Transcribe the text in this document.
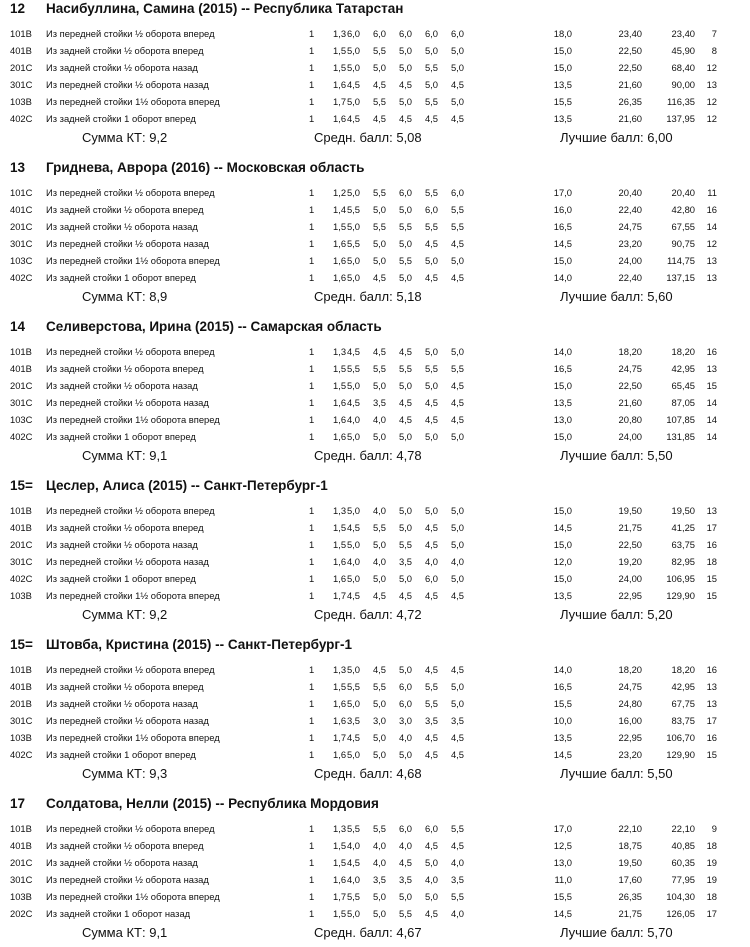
12 Насибуллина, Самина (2015) -- Республика Татарстан
101B Из передней стойки ½ оборота вперед	1 1,3 6,0	6,0	6,0	6,0	6,0	18,0	23,40	23,40	7
401B Из задней стойки ½ оборота вперед	1 1,5 5,0	5,5	5,0	5,0	5,0	15,0	22,50	45,90	8
201C Из задней стойки ½ оборота назад	1 1,5 5,0	5,0	5,0	5,5	5,0	15,0	22,50	68,40	12
301C Из передней стойки ½ оборота назад	1 1,6 4,5	4,5	4,5	5,0	4,5	13,5	21,60	90,00	13
103B Из передней стойки 1½ оборота вперед	1 1,7 5,0	5,5	5,0	5,5	5,0	15,5	26,35	116,35	12
402C Из задней стойки 1 оборот вперед	1 1,6 4,5	4,5	4,5	4,5	4,5	13,5	21,60	137,95	12
Сумма КТ: 9,2	Средн. балл: 5,08	Лучшие балл: 6,00
13 Гриднева, Аврора (2016) -- Московская область
101C Из передней стойки ½ оборота вперед	1 1,2 5,0	5,5	6,0	5,5	6,0	17,0	20,40	20,40	11
401C Из задней стойки ½ оборота вперед	1 1,4 5,5	5,0	5,0	6,0	5,5	16,0	22,40	42,80	16
201C Из задней стойки ½ оборота назад	1 1,5 5,0	5,5	5,5	5,5	5,5	16,5	24,75	67,55	14
301C Из передней стойки ½ оборота назад	1 1,6 5,5	5,0	5,0	4,5	4,5	14,5	23,20	90,75	12
103C Из передней стойки 1½ оборота вперед	1 1,6 5,0	5,0	5,5	5,0	5,0	15,0	24,00	114,75	13
402C Из задней стойки 1 оборот вперед	1 1,6 5,0	4,5	5,0	4,5	4,5	14,0	22,40	137,15	13
Сумма КТ: 8,9	Средн. балл: 5,18	Лучшие балл: 5,60
14 Селиверстова, Ирина (2015) -- Самарская область
101B Из передней стойки ½ оборота вперед	1 1,3 4,5	4,5	4,5	5,0	5,0	14,0	18,20	18,20	16
401B Из задней стойки ½ оборота вперед	1 1,5 5,5	5,5	5,5	5,5	5,5	16,5	24,75	42,95	13
201C Из задней стойки ½ оборота назад	1 1,5 5,0	5,0	5,0	5,0	4,5	15,0	22,50	65,45	15
301C Из передней стойки ½ оборота назад	1 1,6 4,5	3,5	4,5	4,5	4,5	13,5	21,60	87,05	14
103C Из передней стойки 1½ оборота вперед	1 1,6 4,0	4,0	4,5	4,5	4,5	13,0	20,80	107,85	14
402C Из задней стойки 1 оборот вперед	1 1,6 5,0	5,0	5,0	5,0	5,0	15,0	24,00	131,85	14
Сумма КТ: 9,1	Средн. балл: 4,78	Лучшие балл: 5,50
15= Цеслер, Алиса (2015) -- Санкт-Петербург-1
101B Из передней стойки ½ оборота вперед	1 1,3 5,0	4,0	5,0	5,0	5,0	15,0	19,50	19,50	13
401B Из задней стойки ½ оборота вперед	1 1,5 4,5	5,5	5,0	4,5	5,0	14,5	21,75	41,25	17
201C Из задней стойки ½ оборота назад	1 1,5 5,0	5,0	5,5	4,5	5,0	15,0	22,50	63,75	16
301C Из передней стойки ½ оборота назад	1 1,6 4,0	4,0	3,5	4,0	4,0	12,0	19,20	82,95	18
402C Из задней стойки 1 оборот вперед	1 1,6 5,0	5,0	5,0	6,0	5,0	15,0	24,00	106,95	15
103B Из передней стойки 1½ оборота вперед	1 1,7 4,5	4,5	4,5	4,5	4,5	13,5	22,95	129,90	15
Сумма КТ: 9,2	Средн. балл: 4,72	Лучшие балл: 5,20
15= Штовба, Кристина (2015) -- Санкт-Петербург-1
101B Из передней стойки ½ оборота вперед	1 1,3 5,0	4,5	5,0	4,5	4,5	14,0	18,20	18,20	16
401B Из задней стойки ½ оборота вперед	1 1,5 5,5	5,5	6,0	5,5	5,0	16,5	24,75	42,95	13
201B Из задней стойки ½ оборота назад	1 1,6 5,0	5,0	6,0	5,5	5,0	15,5	24,80	67,75	13
301C Из передней стойки ½ оборота назад	1 1,6 3,5	3,0	3,0	3,5	3,5	10,0	16,00	83,75	17
103B Из передней стойки 1½ оборота вперед	1 1,7 4,5	5,0	4,0	4,5	4,5	13,5	22,95	106,70	16
402C Из задней стойки 1 оборот вперед	1 1,6 5,0	5,0	5,0	4,5	4,5	14,5	23,20	129,90	15
Сумма КТ: 9,3	Средн. балл: 4,68	Лучшие балл: 5,50
17 Солдатова, Нелли (2015) -- Республика Мордовия
101B Из передней стойки ½ оборота вперед	1 1,3 5,5	5,5	6,0	6,0	5,5	17,0	22,10	22,10	9
401B Из задней стойки ½ оборота вперед	1 1,5 4,0	4,0	4,0	4,5	4,5	12,5	18,75	40,85	18
201C Из задней стойки ½ оборота назад	1 1,5 4,5	4,0	4,5	5,0	4,0	13,0	19,50	60,35	19
301C Из передней стойки ½ оборота назад	1 1,6 4,0	3,5	3,5	4,0	3,5	11,0	17,60	77,95	19
103B Из передней стойки 1½ оборота вперед	1 1,7 5,5	5,0	5,0	5,0	5,5	15,5	26,35	104,30	18
202C Из задней стойки 1 оборот назад	1 1,5 5,0	5,0	5,5	4,5	4,0	14,5	21,75	126,05	17
Сумма КТ: 9,1	Средн. балл: 4,67	Лучшие балл: 5,70
